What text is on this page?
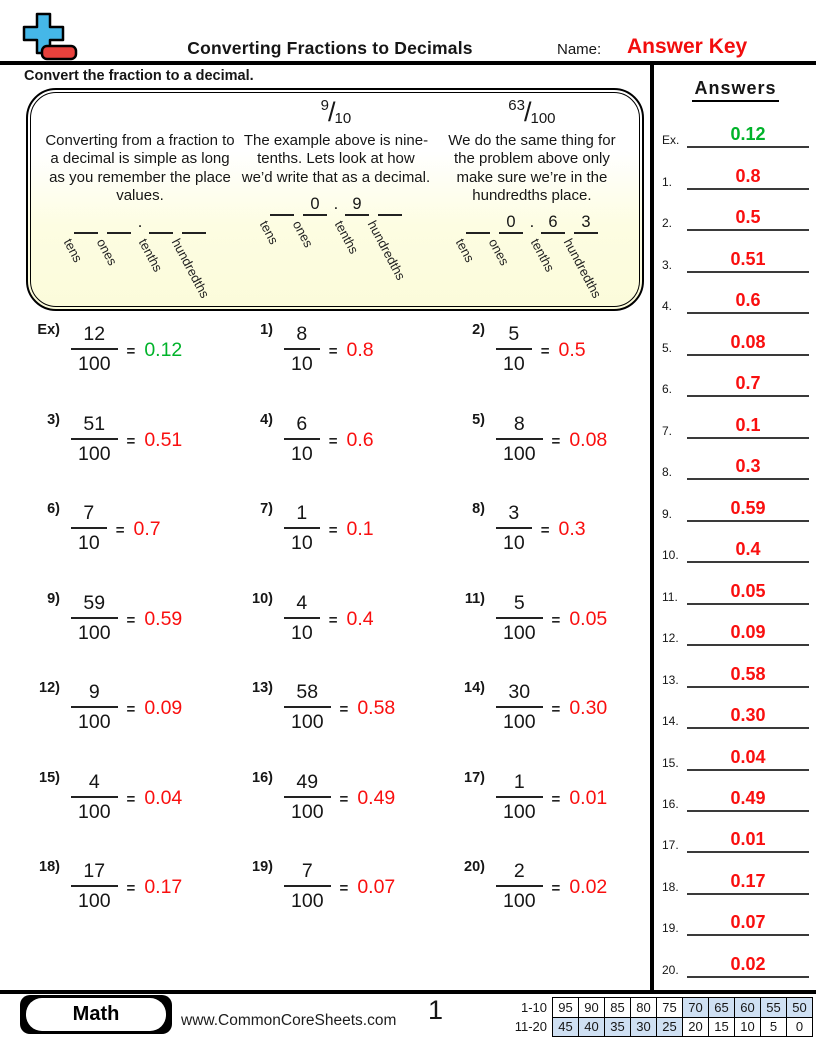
Converting Fractions to Decimals	Name: Answer Key
Convert the fraction to a decimal.

Converting from a fraction to a decimal is simple as long as you remember the place values.

tens ones
.
tenths hundredths
9/10

The example above is nine-tenths. Lets look at how we’d write that as a decimal.

tens
0
ones
. 9
tenths hundredths
63/100

We do the same thing for the problem above only make sure we’re in the hundredths place.

tens
0
ones
. 6
tenths
3
hundredths
$Ex) \frac{12}{100} = 0.12$
$1) \frac{8}{10} = 0.8$
$2) \frac{5}{10} = 0.5$
$3) \frac{51}{100} = 0.51$
$4) \frac{6}{10} = 0.6$
$5) \frac{8}{100} = 0.08$
$6) \frac{7}{10} = 0.7$
$7) \frac{1}{10} = 0.1$
$8) \frac{3}{10} = 0.3$
$9) \frac{59}{100} = 0.59$
$10) \frac{4}{10} = 0.4$
$11) \frac{5}{100} = 0.05$
$12) \frac{9}{100} = 0.09$
$13) \frac{58}{100} = 0.58$
$14) \frac{30}{100} = 0.30$
$15) \frac{4}{100} = 0.04$
$16) \frac{49}{100} = 0.49$
$17) \frac{1}{100} = 0.01$
$18) \frac{17}{100} = 0.17$
$19) \frac{7}{100} = 0.07$
$20) \frac{2}{100} = 0.02$
Answers
Ex.	0.12
1.	0.8
2.	0.5
3.	0.51
4.	0.6
5.	0.08
6.	0.7
7.	0.1
8.	0.3
9.	0.59
10.	0.4
11.	0.05
12.	0.09
13.	0.58
14.	0.30
15.	0.04
16.	0.49
17.	0.01
18.	0.17
19.	0.07
20.	0.02
Math	www.CommonCoreSheets.com 1	1-10	95	90	85	80	75	70	65	60	55	50
11-20	45	40	35	30	25	20	15	10	5	0
